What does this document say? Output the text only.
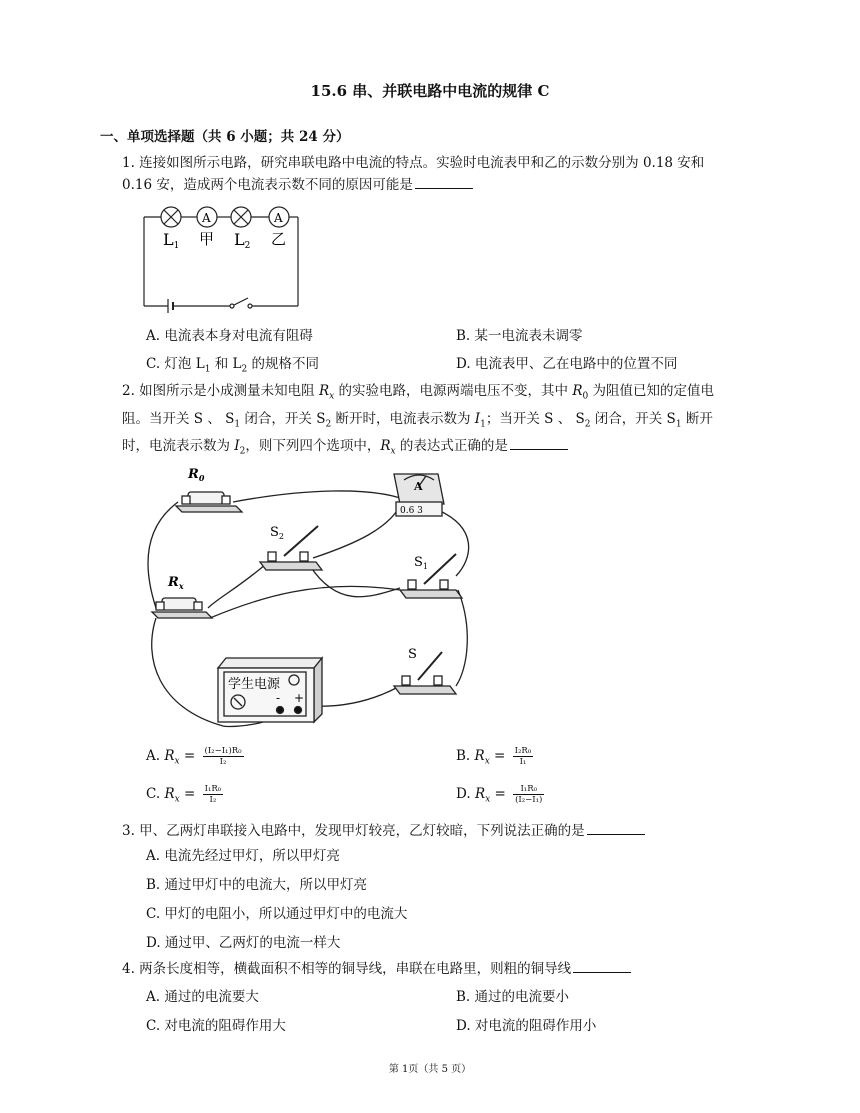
15.6 串、并联电路中电流的规律 C
一、单项选择题（共 6 小题；共 24 分）
1. 连接如图所示电路，研究串联电路中电流的特点。实验时电流表甲和乙的示数分别为 0.18 安和
0.16 安，造成两个电流表示数不同的原因可能是
A	A
L1 甲 L2 乙
A. 电流表本身对电流有阻碍	B. 某一电流表未调零
C. 灯泡 $L_1$ 和 $L_2$ 的规格不同	D. 电流表甲、乙在电路中的位置不同
2. 如图所示是小成测量未知电阻 $R_x$ 的实验电路，电源两端电压不变，其中 $R_0$ 为阻值已知的定值电
阻。当开关 S 、 $S_1$ 闭合，开关 $S_2$ 断开时，电流表示数为 $I_1$；当开关 S 、 $S_2$ 闭合，开关 $S_1$ 断开
时，电流表示数为 $I_2$，则下列四个选项中，$R_x$ 的表达式正确的是
$R_0$
A
0.6 3
$S_2$
$R_x$
$S_1$
S
学生电源
- +
A. $R_x = \frac{\text{(I₂−I₁)R₀}}{\text{I₂}}$	B. $R_x = \frac{\text{I₂R₀}}{\text{I₁}}$
C. $R_x = \frac{\text{I₁R₀}}{\text{I₂}}$	D. $R_x = \frac{\text{I₁R₀}}{\text{(I₂−I₁)}}$
3. 甲、乙两灯串联接入电路中，发现甲灯较亮，乙灯较暗，下列说法正确的是
A. 电流先经过甲灯，所以甲灯亮
B. 通过甲灯中的电流大，所以甲灯亮
C. 甲灯的电阻小，所以通过甲灯中的电流大
D. 通过甲、乙两灯的电流一样大
4. 两条长度相等，横截面积不相等的铜导线，串联在电路里，则粗的铜导线
A. 通过的电流要大	B. 通过的电流要小
C. 对电流的阻碍作用大	D. 对电流的阻碍作用小
第 1页（共 5 页）
